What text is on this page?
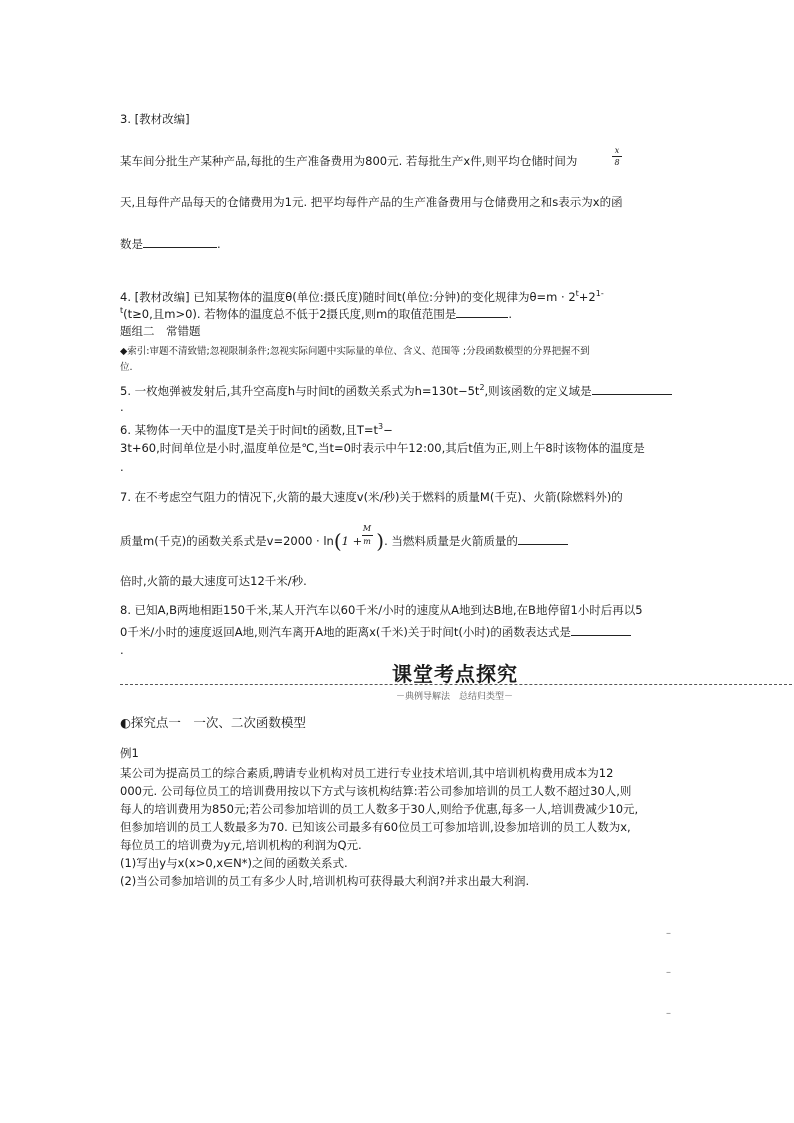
3. [教材改编]
某车间分批生产某种产品,每批的生产准备费用为800元. 若每批生产x件,则平均仓储时间为
x
8
天,且每件产品每天的仓储费用为1元. 把平均每件产品的生产准备费用与仓储费用之和s表示为x的函
数是	.
4. [教材改编] 已知某物体的温度θ(单位:摄氏度)随时间t(单位:分钟)的变化规律为$\theta=m \cdot 2^t+2^{1-}$
$^t$(t≥0,且m>0). 若物体的温度总不低于2摄氏度,则m的取值范围是	.
题组二　常错题
◆索引:审题不清致错;忽视限制条件;忽视实际问题中实际量的单位、含义、范围等 ;分段函数模型的分界把握不到
位.
5. 一枚炮弹被发射后,其升空高度h与时间t的函数关系式为$h=130t-5t^2$,则该函数的定义域是
.
6. 某物体一天中的温度T是关于时间t的函数,且$T=t^3-$
3t+60,时间单位是小时,温度单位是℃,当t=0时表示中午12:00,其后t值为正,则上午8时该物体的温度是
.
7. 在不考虑空气阻力的情况下,火箭的最大速度v(米/秒)关于燃料的质量M(千克)、火箭(除燃料外)的
质量m(千克)的函数关系式是v=2000 · ln(1 + ). 当燃料质量是火箭质量的
M
m
倍时,火箭的最大速度可达12千米/秒.
8. 已知A,B两地相距150千米,某人开汽车以60千米/小时的速度从A地到达B地,在B地停留1小时后再以5
0千米/小时的速度返回A地,则汽车离开A地的距离x(千米)关于时间t(小时)的函数表达式是
.
课堂考点探究
－典例导解法　总结归类型－
◐探究点一　一次、二次函数模型
例1
某公司为提高员工的综合素质,聘请专业机构对员工进行专业技术培训,其中培训机构费用成本为12
000元. 公司每位员工的培训费用按以下方式与该机构结算:若公司参加培训的员工人数不超过30人,则
每人的培训费用为850元;若公司参加培训的员工人数多于30人,则给予优惠,每多一人,培训费减少10元,
但参加培训的员工人数最多为70. 已知该公司最多有60位员工可参加培训,设参加培训的员工人数为x,
每位员工的培训费为y元,培训机构的利润为Q元.
(1)写出y与x(x>0,x∈N*)之间的函数关系式.
(2)当公司参加培训的员工有多少人时,培训机构可获得最大利润?并求出最大利润.
–
–
–
